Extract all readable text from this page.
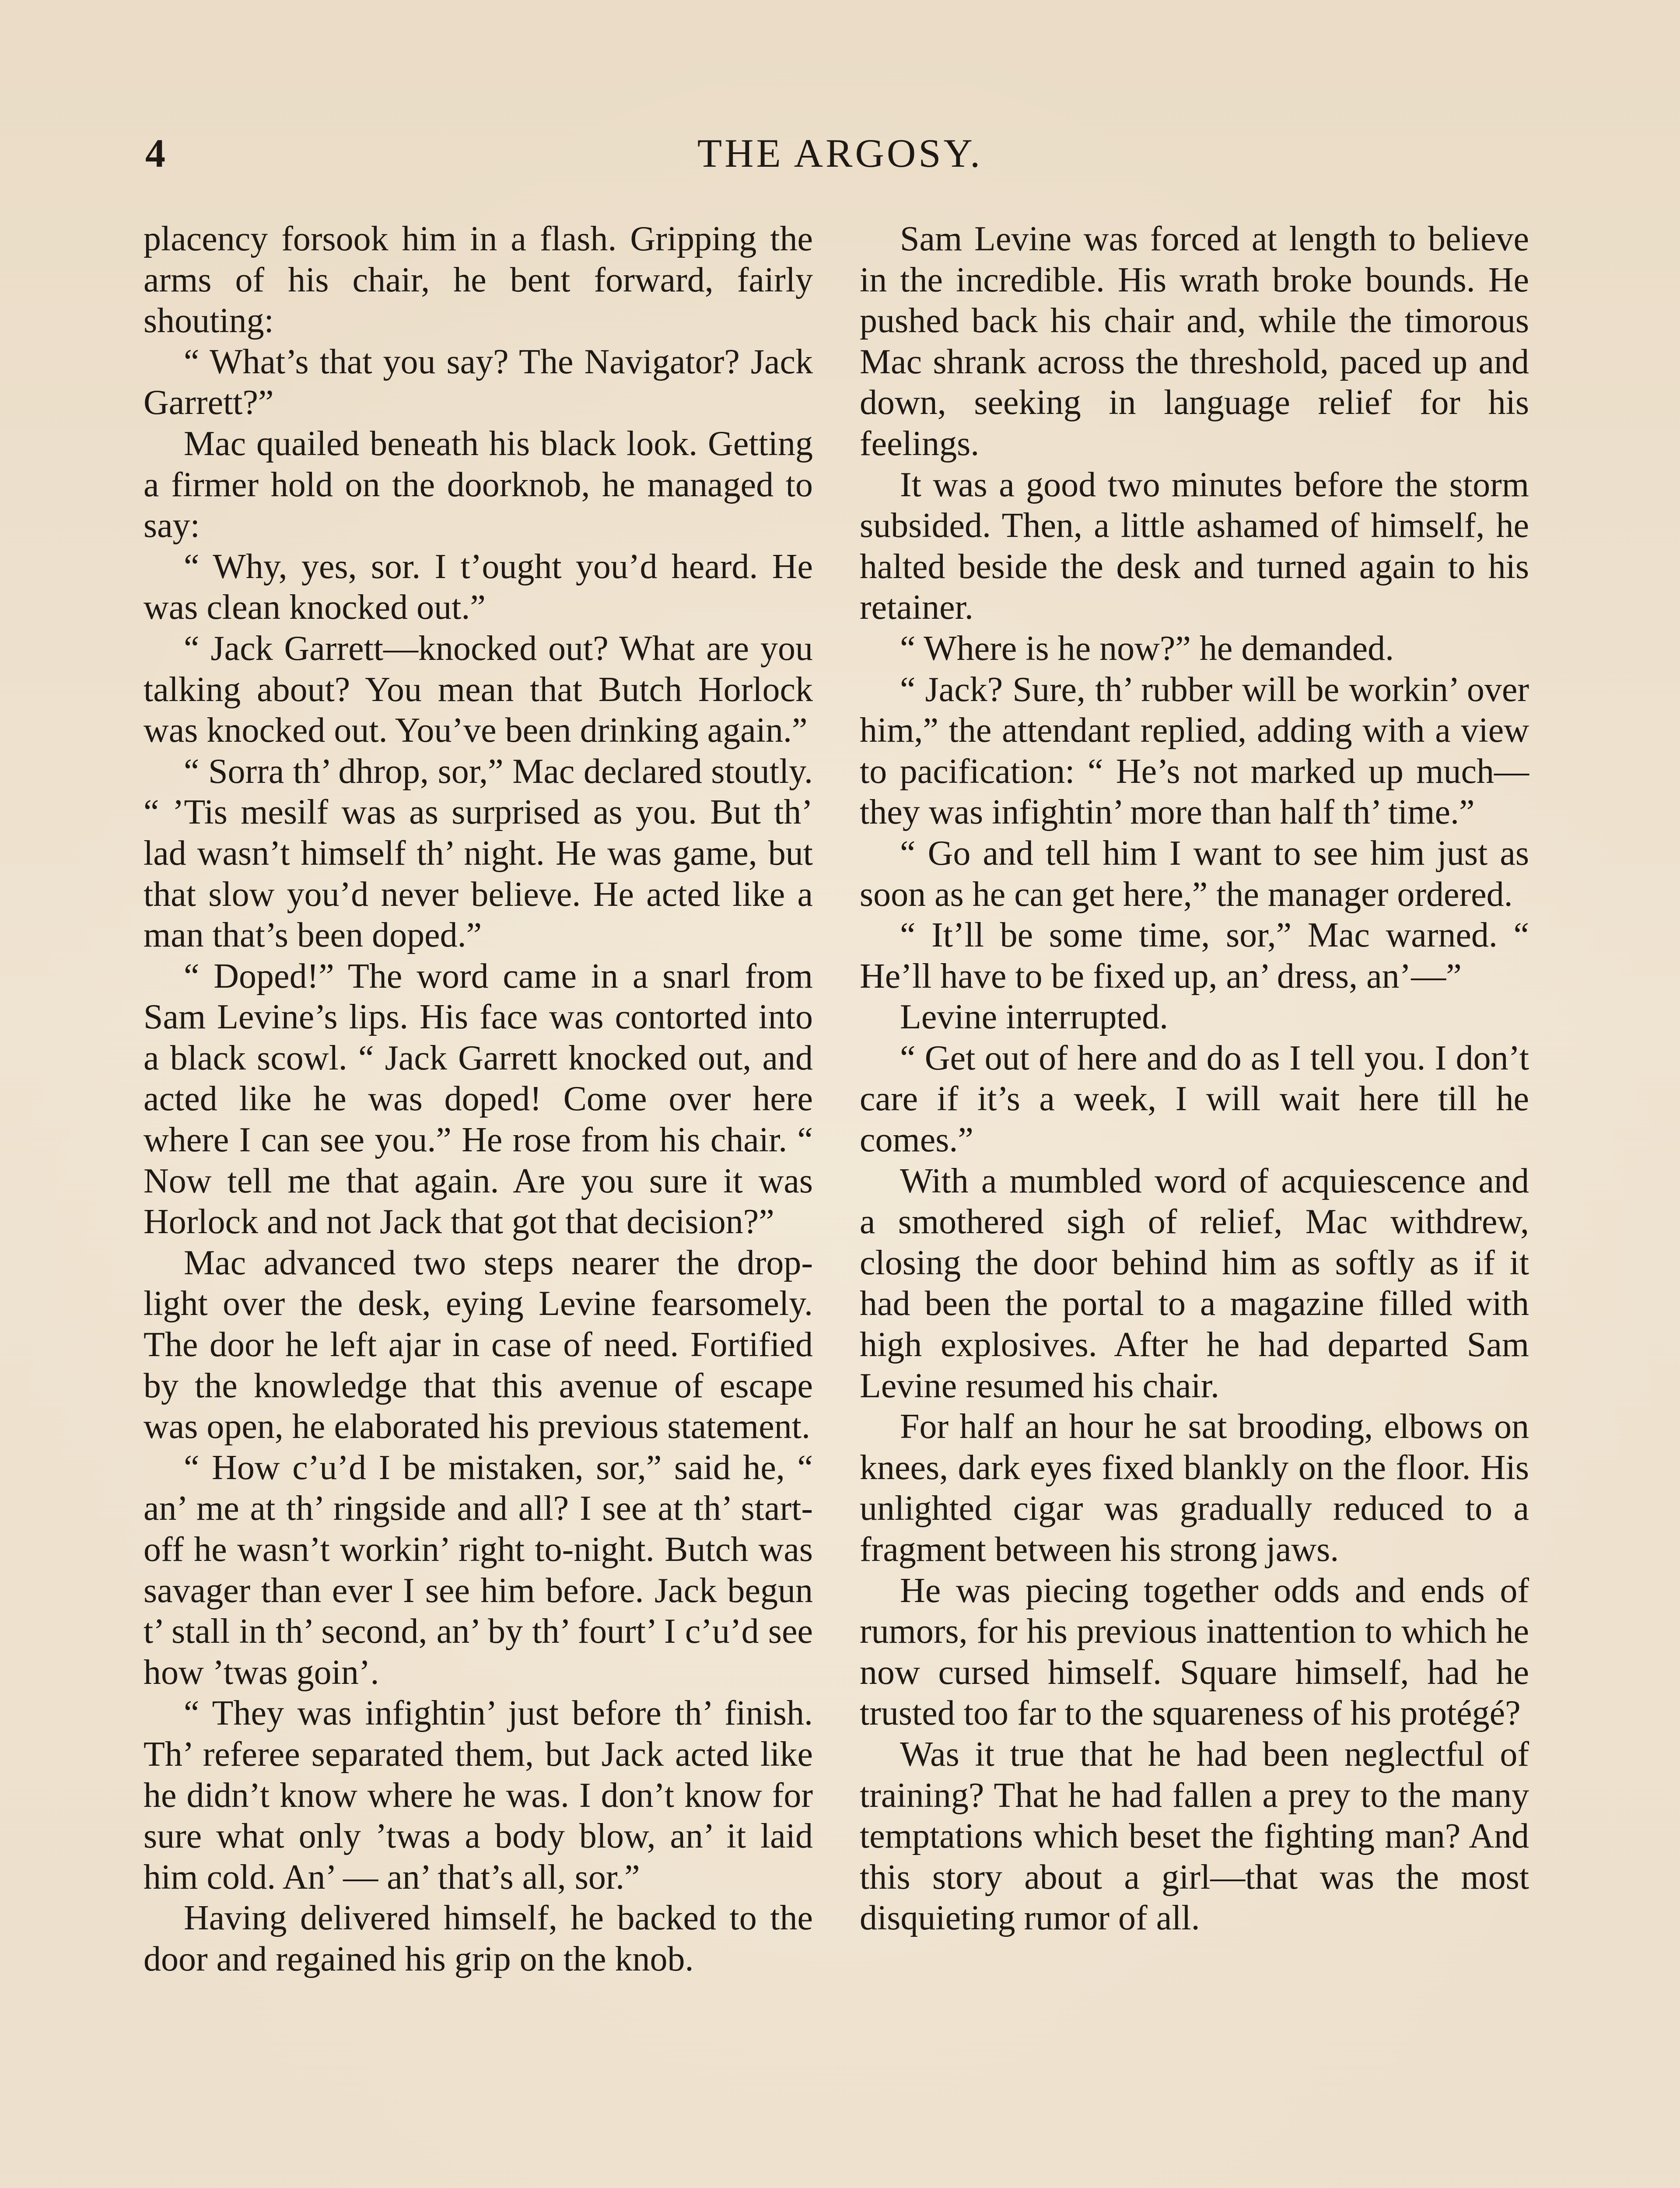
4	THE ARGOSY.

placency forsook him in a flash. Gripping the arms of his chair, he bent forward, fairly shouting:

“ What’s that you say? The Navigator? Jack Garrett?”

Mac quailed beneath his black look. Getting a firmer hold on the doorknob, he managed to say:

“ Why, yes, sor. I t’ought you’d heard. He was clean knocked out.”

“ Jack Garrett—knocked out? What are you talking about? You mean that Butch Horlock was knocked out. You’ve been drinking again.”

“ Sorra th’ dhrop, sor,” Mac declared stoutly. “ ’Tis mesilf was as surprised as you. But th’ lad wasn’t himself th’ night. He was game, but that slow you’d never believe. He acted like a man that’s been doped.”

“ Doped!” The word came in a snarl from Sam Levine’s lips. His face was contorted into a black scowl. “ Jack Garrett knocked out, and acted like he was doped! Come over here where I can see you.” He rose from his chair. “ Now tell me that again. Are you sure it was Horlock and not Jack that got that decision?”

Mac advanced two steps nearer the drop-light over the desk, eying Levine fearsomely. The door he left ajar in case of need. Fortified by the knowledge that this avenue of escape was open, he elaborated his previous statement.

“ How c’u’d I be mistaken, sor,” said he, “ an’ me at th’ ringside and all? I see at th’ start-off he wasn’t workin’ right to-night. Butch was savager than ever I see him before. Jack begun t’ stall in th’ second, an’ by th’ fourt’ I c’u’d see how ’twas goin’.

“ They was infightin’ just before th’ finish. Th’ referee separated them, but Jack acted like he didn’t know where he was. I don’t know for sure what only ’twas a body blow, an’ it laid him cold. An’ — an’ that’s all, sor.”

Having delivered himself, he backed to the door and regained his grip on the knob.

Sam Levine was forced at length to believe in the incredible. His wrath broke bounds. He pushed back his chair and, while the timorous Mac shrank across the threshold, paced up and down, seeking in language relief for his feelings.

It was a good two minutes before the storm subsided. Then, a little ashamed of himself, he halted beside the desk and turned again to his retainer.

“ Where is he now?” he demanded.

“ Jack? Sure, th’ rubber will be workin’ over him,” the attendant replied, adding with a view to pacification: “ He’s not marked up much—they was infightin’ more than half th’ time.”

“ Go and tell him I want to see him just as soon as he can get here,” the manager ordered.

“ It’ll be some time, sor,” Mac warned. “ He’ll have to be fixed up, an’ dress, an’—”

Levine interrupted.

“ Get out of here and do as I tell you. I don’t care if it’s a week, I will wait here till he comes.”

With a mumbled word of acquiescence and a smothered sigh of relief, Mac withdrew, closing the door behind him as softly as if it had been the portal to a magazine filled with high explosives. After he had departed Sam Levine resumed his chair.

For half an hour he sat brooding, elbows on knees, dark eyes fixed blankly on the floor. His unlighted cigar was gradually reduced to a fragment between his strong jaws.

He was piecing together odds and ends of rumors, for his previous inattention to which he now cursed himself. Square himself, had he trusted too far to the squareness of his protégé?

Was it true that he had been neglectful of training? That he had fallen a prey to the many temptations which beset the fighting man? And this story about a girl—that was the most disquieting rumor of all.
